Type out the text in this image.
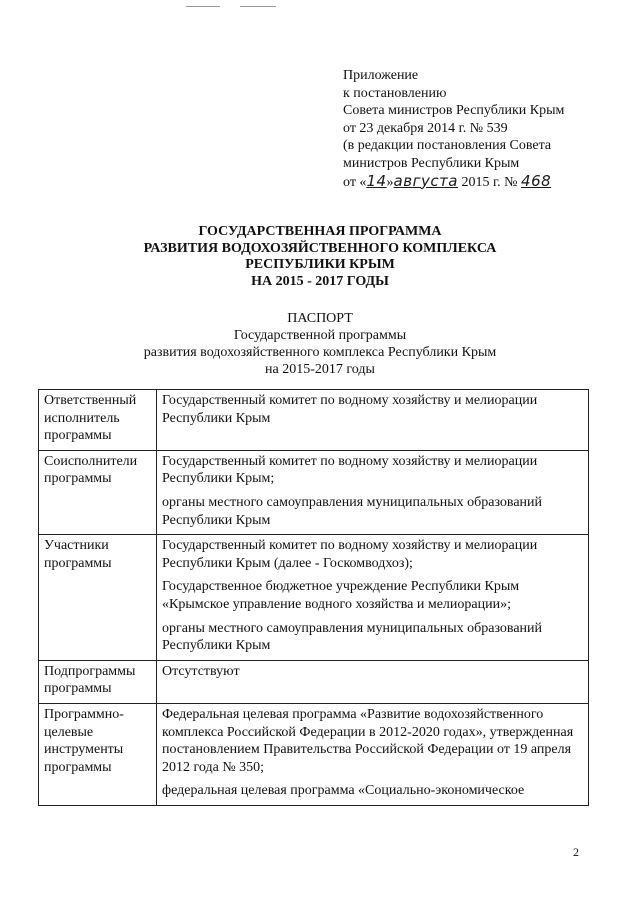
Приложение
к постановлению
Совета министров Республики Крым
от 23 декабря 2014 г. № 539
(в редакции постановления Совета
министров Республики Крым
от «14»августа 2015 г. № 468
ГОСУДАРСТВЕННАЯ ПРОГРАММА
РАЗВИТИЯ ВОДОХОЗЯЙСТВЕННОГО КОМПЛЕКСА
РЕСПУБЛИКИ КРЫМ
НА 2015 - 2017 ГОДЫ
ПАСПОРТ
Государственной программы
развития водохозяйственного комплекса Республики Крым
на 2015-2017 годы
Ответственный исполнитель программы	Государственный комитет по водному хозяйству и мелиорации Республики Крым

Соисполнители программы	Государственный комитет по водному хозяйству и мелиорации Республики Крым;

органы местного самоуправления муниципальных образований Республики Крым

Участники программы	Государственный комитет по водному хозяйству и мелиорации Республики Крым (далее - Госкомводхоз);

Государственное бюджетное учреждение Республики Крым «Крымское управление водного хозяйства и мелиорации»;

органы местного самоуправления муниципальных образований Республики Крым

Подпрограммы программы	Отсутствуют

Программно-целевые инструменты программы	Федеральная целевая программа «Развитие водохозяйственного комплекса Российской Федерации в 2012-2020 годах», утвержденная постановлением Правительства Российской Федерации от 19 апреля 2012 года № 350;

федеральная целевая программа «Социально-экономическое

2
